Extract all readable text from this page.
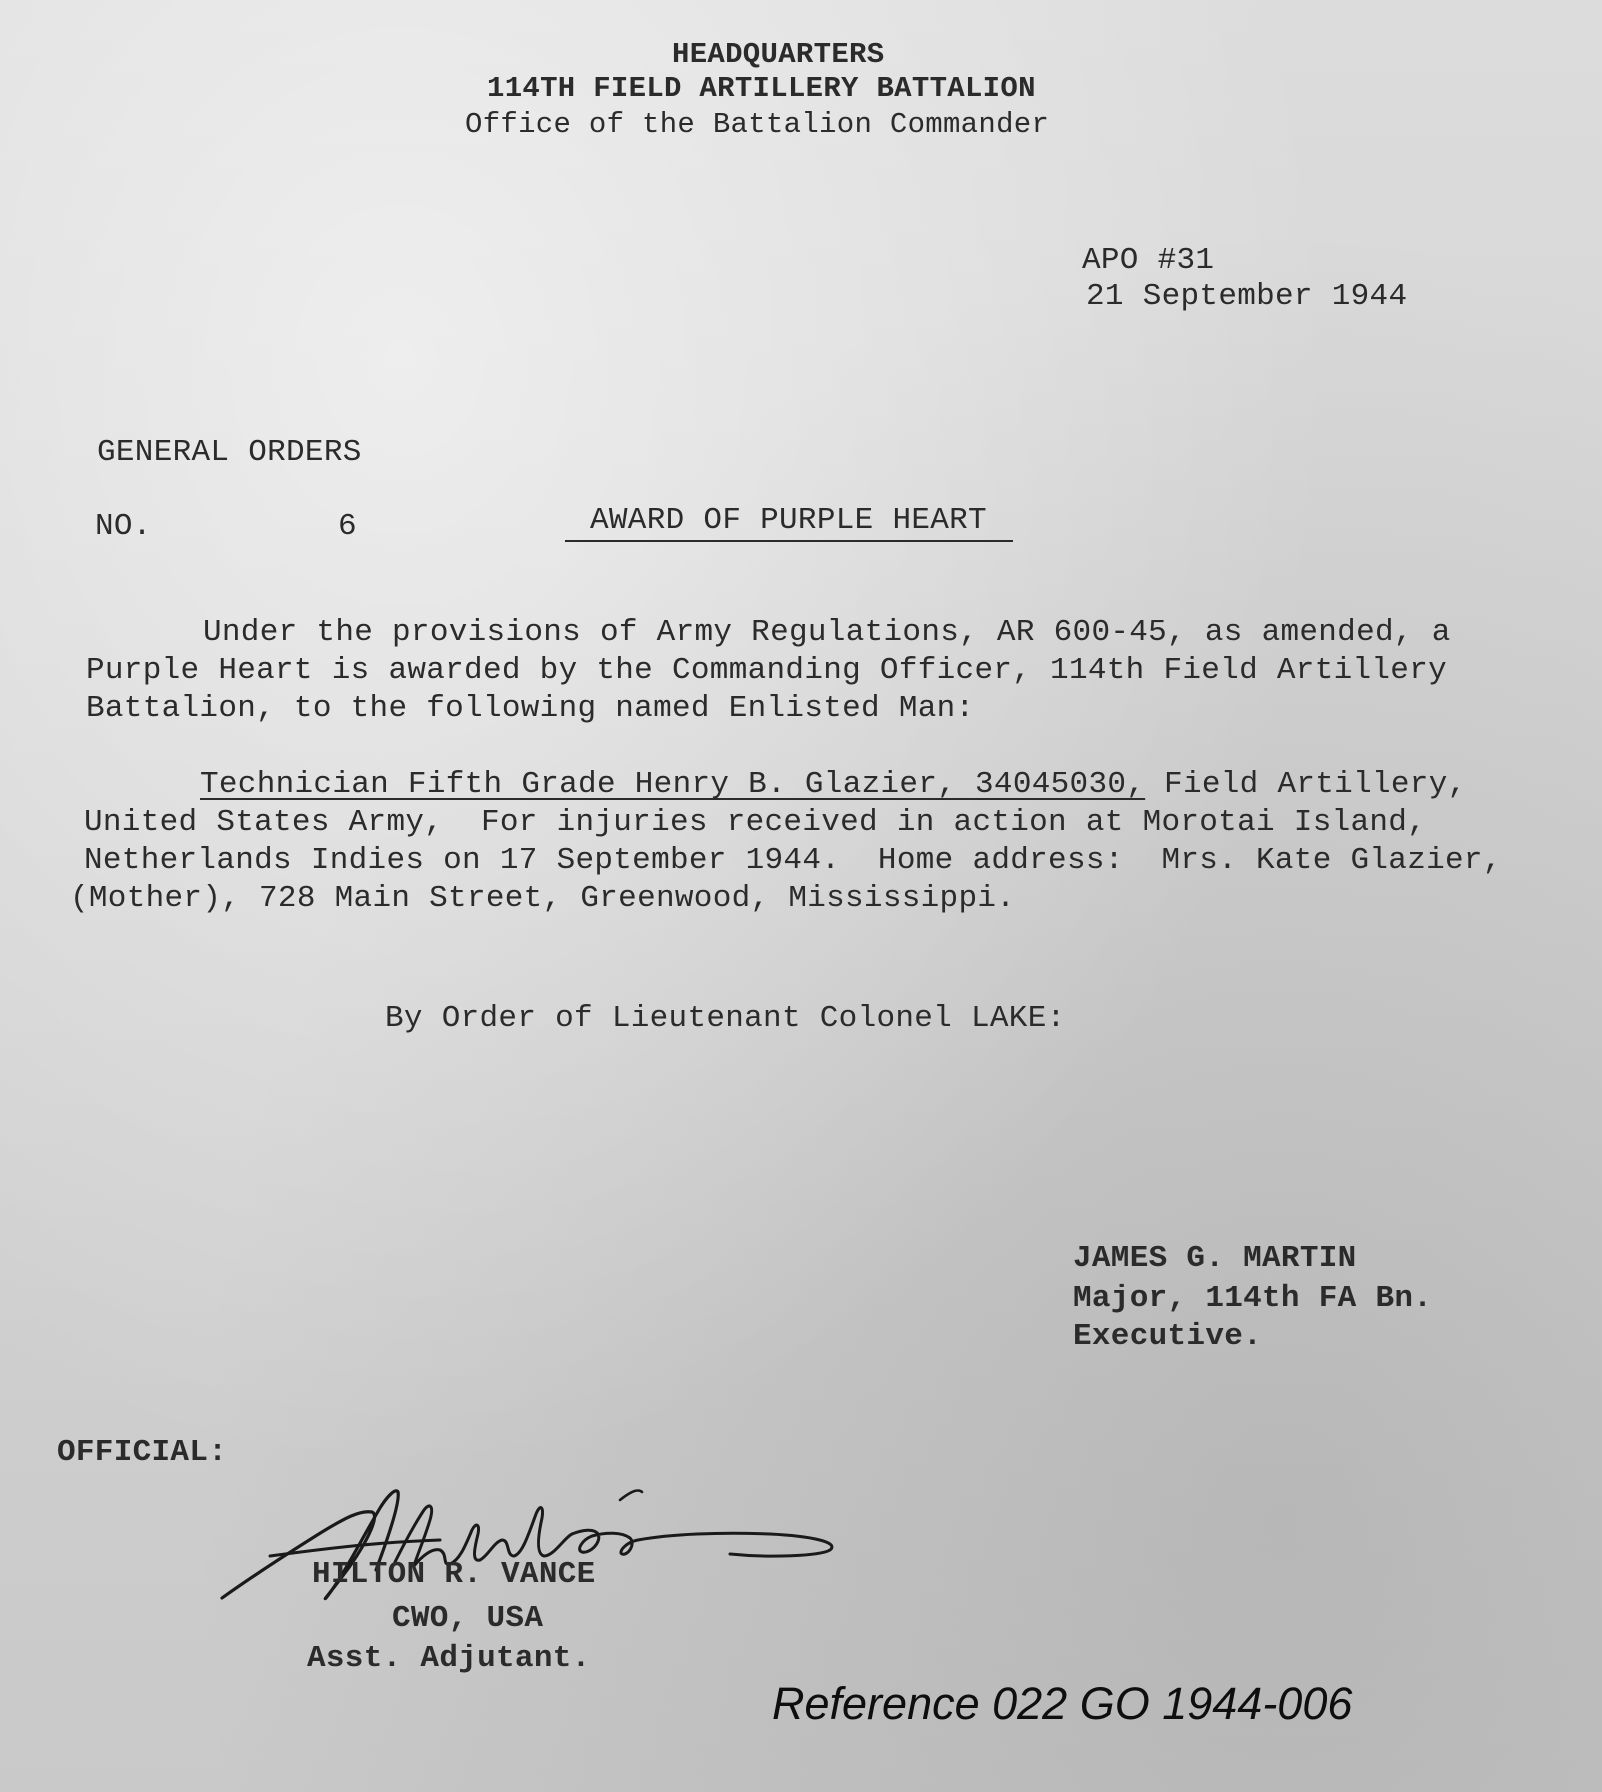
HEADQUARTERS
114TH FIELD ARTILLERY BATTALION
Office of the Battalion Commander
APO #31
21 September 1944
GENERAL ORDERS
NO.	6	AWARD OF PURPLE HEART
Under the provisions of Army Regulations, AR 600-45, as amended, a
Purple Heart is awarded by the Commanding Officer, 114th Field Artillery
Battalion, to the following named Enlisted Man:
Technician Fifth Grade Henry B. Glazier, 34045030, Field Artillery,
United States Army,  For injuries received in action at Morotai Island,
Netherlands Indies on 17 September 1944.  Home address:  Mrs. Kate Glazier,
(Mother), 728 Main Street, Greenwood, Mississippi.
By Order of Lieutenant Colonel LAKE:
JAMES G. MARTIN
Major, 114th FA Bn.
Executive.
OFFICIAL:
HILTON R. VANCE
CWO, USA
Asst. Adjutant.
Reference 022 GO 1944-006
